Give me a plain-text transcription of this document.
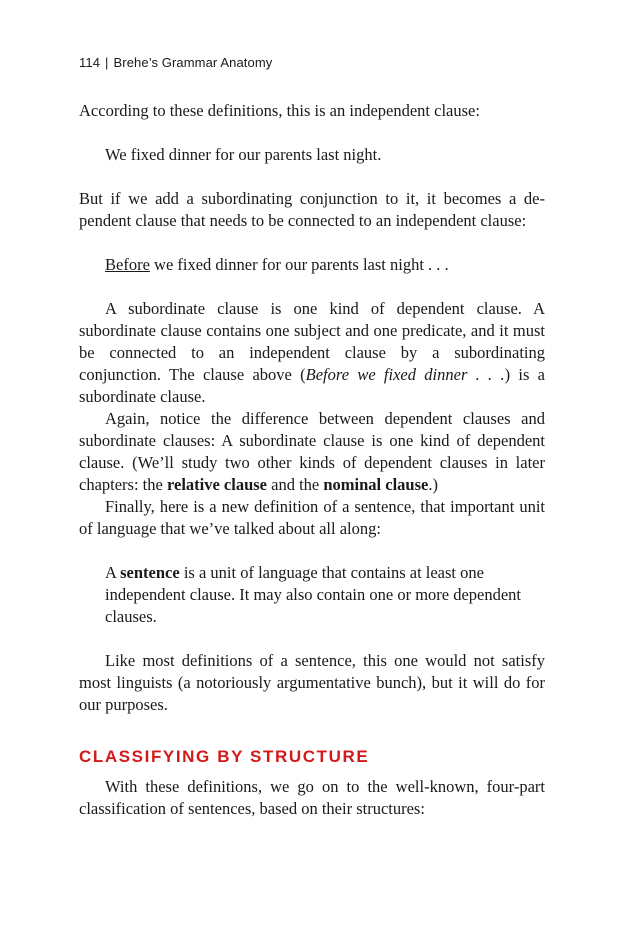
114 | Brehe’s Grammar Anatomy

According to these definitions, this is an independent clause:

We fixed dinner for our parents last night.

But if we add a subordinating conjunction to it, it becomes a dependent clause that needs to be connected to an independent clause:

Before we fixed dinner for our parents last night . . .

A subordinate clause is one kind of dependent clause. A subordinate clause contains one subject and one predicate, and it must be connected to an independent clause by a subordinating conjunction. The clause above (Before we fixed dinner . . .) is a subordinate clause.

Again, notice the difference between dependent clauses and subordinate clauses: A subordinate clause is one kind of dependent clause. (We’ll study two other kinds of dependent clauses in later chapters: the relative clause and the nominal clause.)

Finally, here is a new definition of a sentence, that important unit of language that we’ve talked about all along:

A sentence is a unit of language that contains at least one independent clause. It may also contain one or more dependent clauses.

Like most definitions of a sentence, this one would not satisfy most linguists (a notoriously argumentative bunch), but it will do for our purposes.

CLASSIFYING BY STRUCTURE

With these definitions, we go on to the well-known, four-part classification of sentences, based on their structures:
